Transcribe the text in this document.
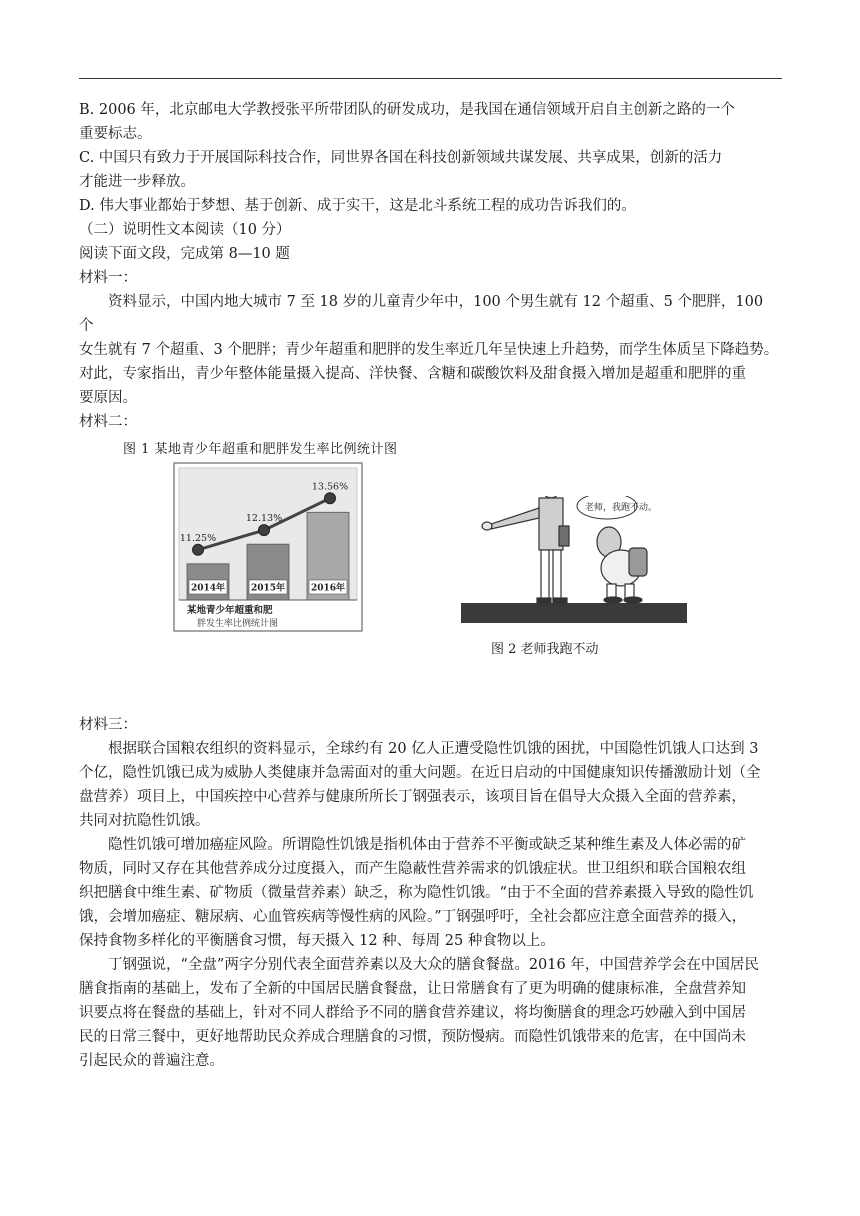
B. 2006 年，北京邮电大学教授张平所带团队的研发成功，是我国在通信领域开启自主创新之路的一个

重要标志。

C. 中国只有致力于开展国际科技合作，同世界各国在科技创新领域共谋发展、共享成果，创新的活力

才能进一步释放。

D. 伟大事业都始于梦想、基于创新、成于实干，这是北斗系统工程的成功告诉我们的。

（二）说明性文本阅读（10 分）

阅读下面文段，完成第 8—10 题

材料一：

资料显示，中国内地大城市 7 至 18 岁的儿童青少年中，100 个男生就有 12 个超重、5 个肥胖，100 个

女生就有 7 个超重、3 个肥胖；青少年超重和肥胖的发生率近几年呈快速上升趋势，而学生体质呈下降趋势。

对此，专家指出，青少年整体能量摄入提高、洋快餐、含糖和碳酸饮料及甜食摄入增加是超重和肥胖的重

要原因。

材料二：

图 1 某地青少年超重和肥胖发生率比例统计图
11.25%
12.13%
13.56%
2014年	2015年	2016年
某地青少年超重和肥
胖发生率比例统计图
老师，我跑不动。
图 2 老师我跑不动

材料三：

根据联合国粮农组织的资料显示，全球约有 20 亿人正遭受隐性饥饿的困扰，中国隐性饥饿人口达到 3

个亿，隐性饥饿已成为威胁人类健康并急需面对的重大问题。在近日启动的中国健康知识传播激励计划（全

盘营养）项目上，中国疾控中心营养与健康所所长丁钢强表示，该项目旨在倡导大众摄入全面的营养素，

共同对抗隐性饥饿。

隐性饥饿可增加癌症风险。所谓隐性饥饿是指机体由于营养不平衡或缺乏某种维生素及人体必需的矿

物质，同时又存在其他营养成分过度摄入，而产生隐蔽性营养需求的饥饿症状。世卫组织和联合国粮农组

织把膳食中维生素、矿物质（微量营养素）缺乏，称为隐性饥饿。“由于不全面的营养素摄入导致的隐性饥

饿，会增加癌症、糖尿病、心血管疾病等慢性病的风险。”丁钢强呼吁，全社会都应注意全面营养的摄入，

保持食物多样化的平衡膳食习惯，每天摄入 12 种、每周 25 种食物以上。

丁钢强说，“全盘”两字分别代表全面营养素以及大众的膳食餐盘。2016 年，中国营养学会在中国居民

膳食指南的基础上，发布了全新的中国居民膳食餐盘，让日常膳食有了更为明确的健康标准，全盘营养知

识要点将在餐盘的基础上，针对不同人群给予不同的膳食营养建议，将均衡膳食的理念巧妙融入到中国居

民的日常三餐中，更好地帮助民众养成合理膳食的习惯，预防慢病。而隐性饥饿带来的危害，在中国尚未

引起民众的普遍注意。
